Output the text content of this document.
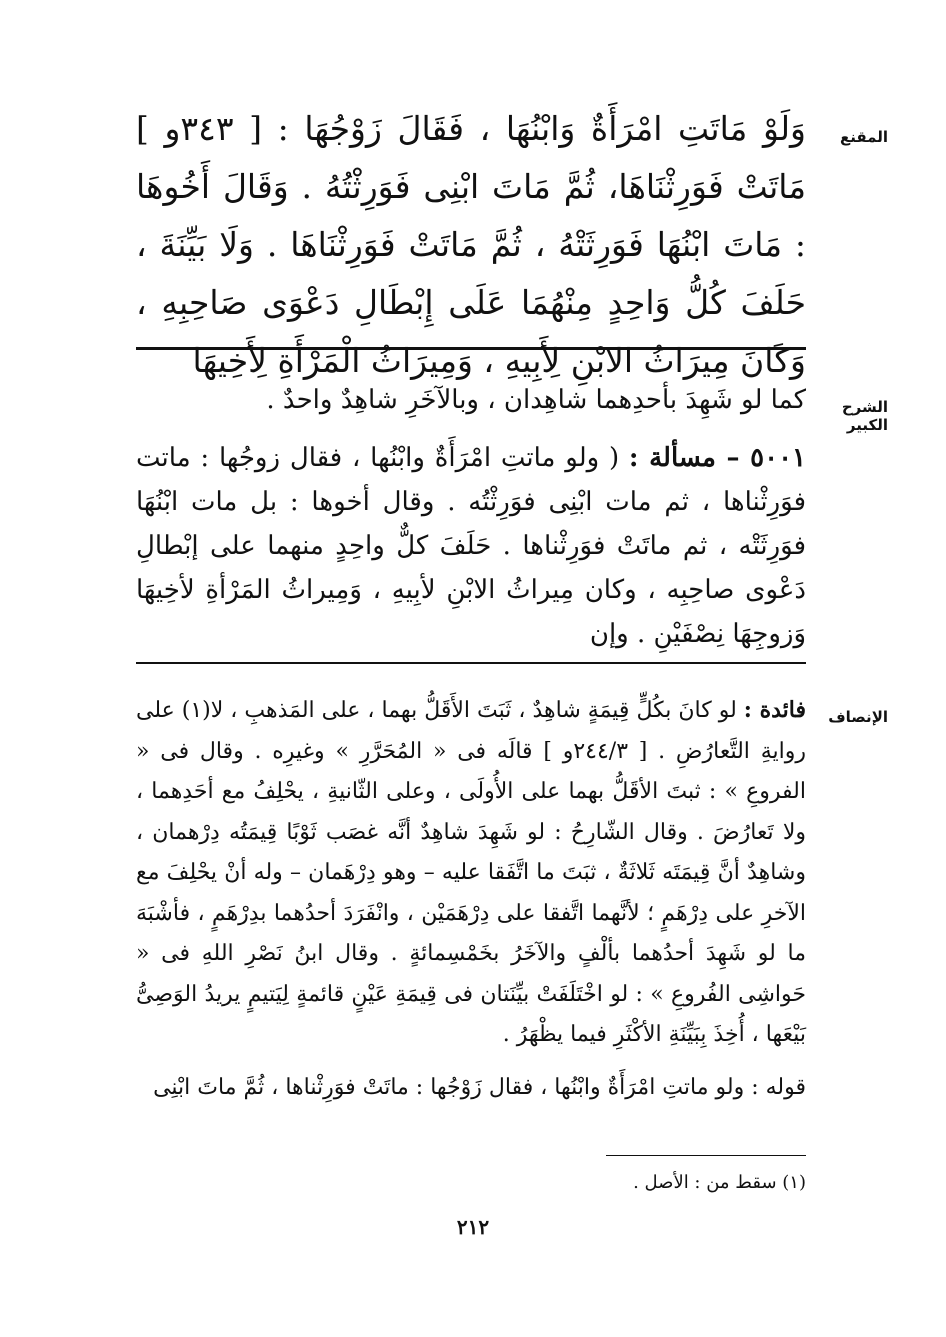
المقنع
وَلَوْ مَاتَتِ امْرَأَةٌ وَابْنُهَا ، فَقَالَ زَوْجُهَا : [ ٣٤٣و ] مَاتَتْ فَوَرِثْنَاهَا، ثُمَّ مَاتَ ابْنِى فَوَرِثْتُهُ . وَقَالَ أَخُوهَا : مَاتَ ابْنُهَا فَوَرِثَتْهُ ، ثُمَّ مَاتَتْ فَوَرِثْنَاهَا . وَلَا بَيِّنَةَ ، حَلَفَ كُلُّ وَاحِدٍ مِنْهُمَا عَلَى إِبْطَالِ دَعْوَى صَاحِبِهِ ، وَكَانَ مِيرَاثُ الابْنِ لِأَبِيهِ ، وَمِيرَاثُ الْمَرْأَةِ لِأَخِيهَا
الشرح الكبير

كما لو شَهِدَ بأحدِهما شاهِدان ، وبالآخَرِ شاهِدٌ واحدٌ .

٥٠٠١ – مسألة : ( ولو ماتتِ امْرَأَةٌ وابْنُها ، فقال زوجُها : ماتت فوَرِثْناها ، ثم مات ابْنِى فوَرِثْتُه . وقال أخوها : بل مات ابْنُهَا فوَرِثَتْه ، ثم ماتَتْ فوَرِثْناها . حَلَفَ كلٌّ واحِدٍ منهما على إبْطالِ دَعْوى صاحِبِه ، وكان مِيراثُ الابْنِ لأبِيهِ ، وَمِيراثُ المَرْأةِ لأخِيهَا وَزوجِهَا نِصْفَيْنِ . وإن

الإنصاف

فائدة : لو كانَ بكُلٍّ قِيمَةٍ شاهِدٌ ، ثَبَتَ الأَقَلُّ بهما ، على المَذهبِ ، لا(١) على روايةِ التَّعارُضِ . [ ٢٤٤/٣و ] قالَه فى « المُحَرَّرِ » وغيرِه . وقال فى « الفروعِ » : ثبتَ الأقَلُّ بهما على الأُولَى ، وعلى الثّانيةِ ، يحْلِفُ مع أحَدِهما ، ولا تَعارُضَ . وقال الشّارِحُ : لو شَهِدَ شاهِدٌ أنَّه غصَب ثَوْبًا قِيمَتُه دِرْهمان ، وشاهِدٌ أنَّ قِيمَتَه ثَلاثَةٌ ، ثبَتَ ما اتَّفَقا عليه – وهو دِرْهَمان – وله أنْ يحْلِفَ مع الآخرِ على دِرْهَمٍ ؛ لأنَّهما اتَّفقا على دِرْهَمَيْن ، وانْفَرَدَ أحدُهما بدِرْهَمٍ ، فأشْبَهَ ما لو شَهِدَ أحدُهما بألْفٍ والآخَرُ بخَمْسِمائةٍ . وقال ابنُ نَصْرِ اللهِ فى « حَواشِى الفُروعِ » : لو اخْتَلَفَتْ بيِّنَتان فى قِيمَةِ عَيْنٍ قائمةٍ لِيَتيمٍ يريدُ الوَصِىُّ بَيْعَها ، أُخِذَ بِبَيِّنَةِ الأكْثَرِ فيما يظْهَرُ .

قوله : ولو ماتتِ امْرَأَةٌ وابْنُها ، فقال زَوْجُها : ماتَتْ فوَرِثْناها ، ثُمَّ ماتَ ابْنِى

(١) سقط من : الأصل .
٢١٢
